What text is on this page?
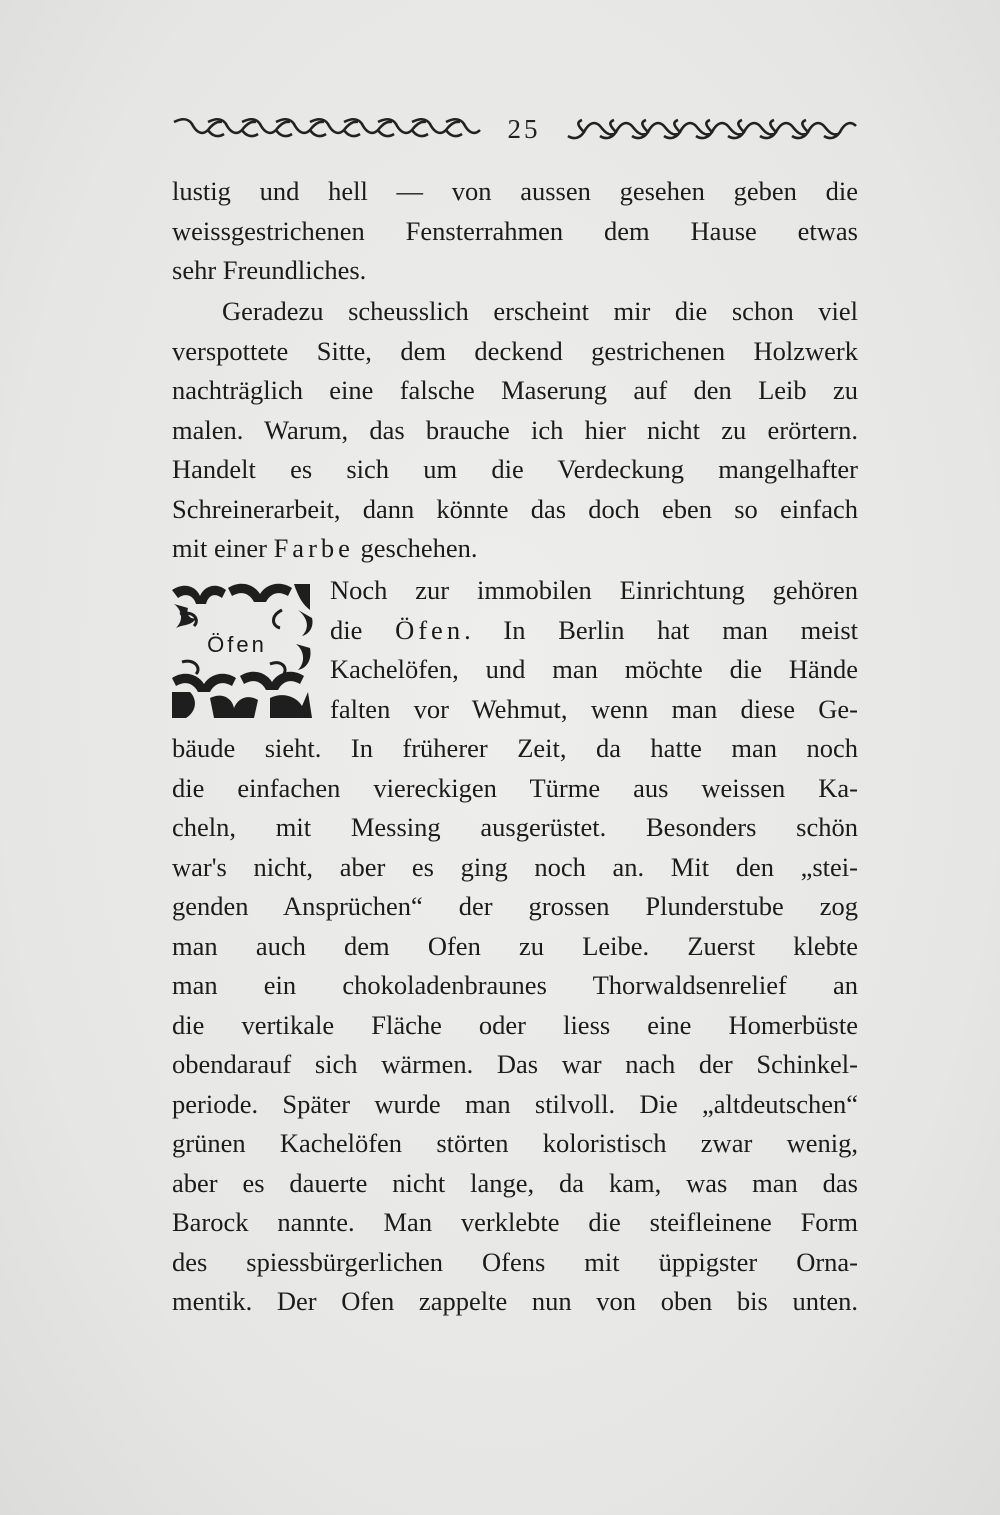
25
lustig und hell — von aussen gesehen geben die
weissgestrichenen Fensterrahmen dem Hause etwas
sehr Freundliches.
Geradezu scheusslich erscheint mir die schon viel
verspottete Sitte, dem deckend gestrichenen Holzwerk
nachträglich eine falsche Maserung auf den Leib zu
malen. Warum, das brauche ich hier nicht zu erörtern.
Handelt es sich um die Verdeckung mangelhafter
Schreinerarbeit, dann könnte das doch eben so einfach
mit einer Farbe geschehen.
Öfen
Noch zur immobilen Einrichtung gehören
die Öfen. In Berlin hat man meist
Kachelöfen, und man möchte die Hände
falten vor Wehmut, wenn man diese Ge-
bäude sieht. In früherer Zeit, da hatte man noch
die einfachen viereckigen Türme aus weissen Ka-
cheln, mit Messing ausgerüstet. Besonders schön
war's nicht, aber es ging noch an. Mit den „stei-
genden Ansprüchen“ der grossen Plunderstube zog
man auch dem Ofen zu Leibe. Zuerst klebte
man ein chokoladenbraunes Thorwaldsenrelief an
die vertikale Fläche oder liess eine Homerbüste
obendarauf sich wärmen. Das war nach der Schinkel-
periode. Später wurde man stilvoll. Die „altdeutschen“
grünen Kachelöfen störten koloristisch zwar wenig,
aber es dauerte nicht lange, da kam, was man das
Barock nannte. Man verklebte die steifleinene Form
des spiessbürgerlichen Ofens mit üppigster Orna-
mentik. Der Ofen zappelte nun von oben bis unten.
